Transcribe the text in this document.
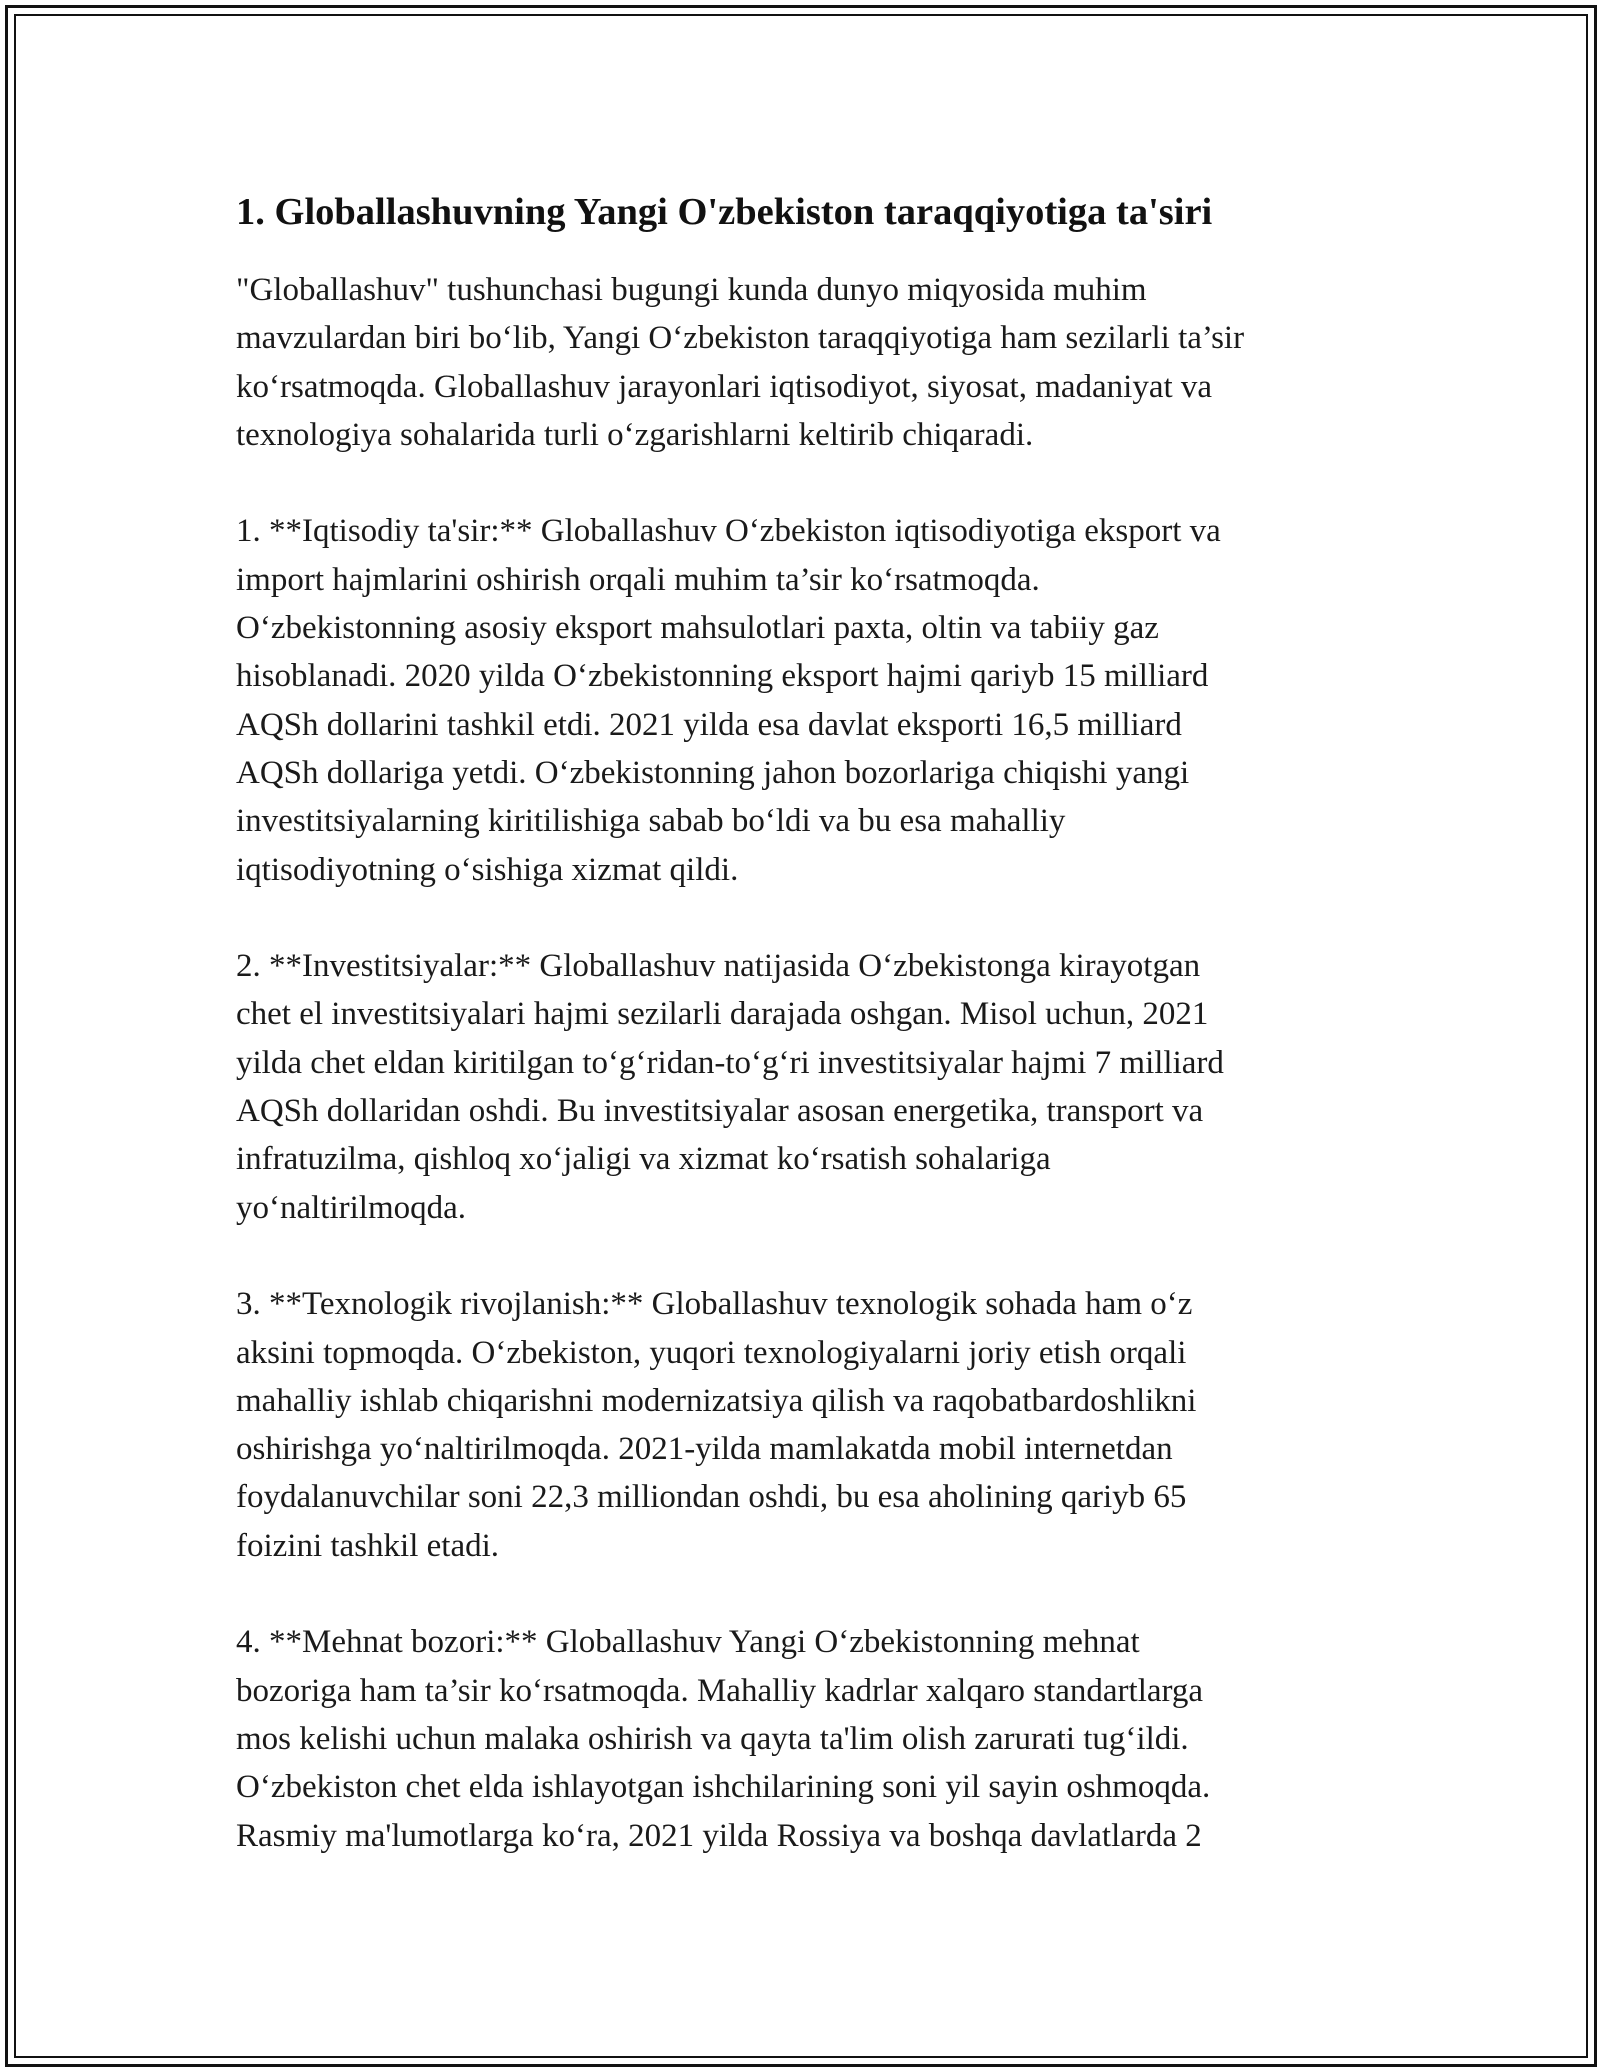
1. Globallashuvning Yangi O'zbekiston taraqqiyotiga ta'siri

"Globallashuv" tushunchasi bugungi kunda dunyo miqyosida muhim
mavzulardan biri bo‘lib, Yangi O‘zbekiston taraqqiyotiga ham sezilarli ta’sir
ko‘rsatmoqda. Globallashuv jarayonlari iqtisodiyot, siyosat, madaniyat va
texnologiya sohalarida turli o‘zgarishlarni keltirib chiqaradi.

1. **Iqtisodiy ta'sir:** Globallashuv O‘zbekiston iqtisodiyotiga eksport va
import hajmlarini oshirish orqali muhim ta’sir ko‘rsatmoqda.
O‘zbekistonning asosiy eksport mahsulotlari paxta, oltin va tabiiy gaz
hisoblanadi. 2020 yilda O‘zbekistonning eksport hajmi qariyb 15 milliard
AQSh dollarini tashkil etdi. 2021 yilda esa davlat eksporti 16,5 milliard
AQSh dollariga yetdi. O‘zbekistonning jahon bozorlariga chiqishi yangi
investitsiyalarning kiritilishiga sabab bo‘ldi va bu esa mahalliy
iqtisodiyotning o‘sishiga xizmat qildi.

2. **Investitsiyalar:** Globallashuv natijasida O‘zbekistonga kirayotgan
chet el investitsiyalari hajmi sezilarli darajada oshgan. Misol uchun, 2021
yilda chet eldan kiritilgan to‘g‘ridan-to‘g‘ri investitsiyalar hajmi 7 milliard
AQSh dollaridan oshdi. Bu investitsiyalar asosan energetika, transport va
infratuzilma, qishloq xo‘jaligi va xizmat ko‘rsatish sohalariga
yo‘naltirilmoqda.

3. **Texnologik rivojlanish:** Globallashuv texnologik sohada ham o‘z
aksini topmoqda. O‘zbekiston, yuqori texnologiyalarni joriy etish orqali
mahalliy ishlab chiqarishni modernizatsiya qilish va raqobatbardoshlikni
oshirishga yo‘naltirilmoqda. 2021-yilda mamlakatda mobil internetdan
foydalanuvchilar soni 22,3 milliondan oshdi, bu esa aholining qariyb 65
foizini tashkil etadi.

4. **Mehnat bozori:** Globallashuv Yangi O‘zbekistonning mehnat
bozoriga ham ta’sir ko‘rsatmoqda. Mahalliy kadrlar xalqaro standartlarga
mos kelishi uchun malaka oshirish va qayta ta'lim olish zarurati tug‘ildi.
O‘zbekiston chet elda ishlayotgan ishchilarining soni yil sayin oshmoqda.
Rasmiy ma'lumotlarga ko‘ra, 2021 yilda Rossiya va boshqa davlatlarda 2
